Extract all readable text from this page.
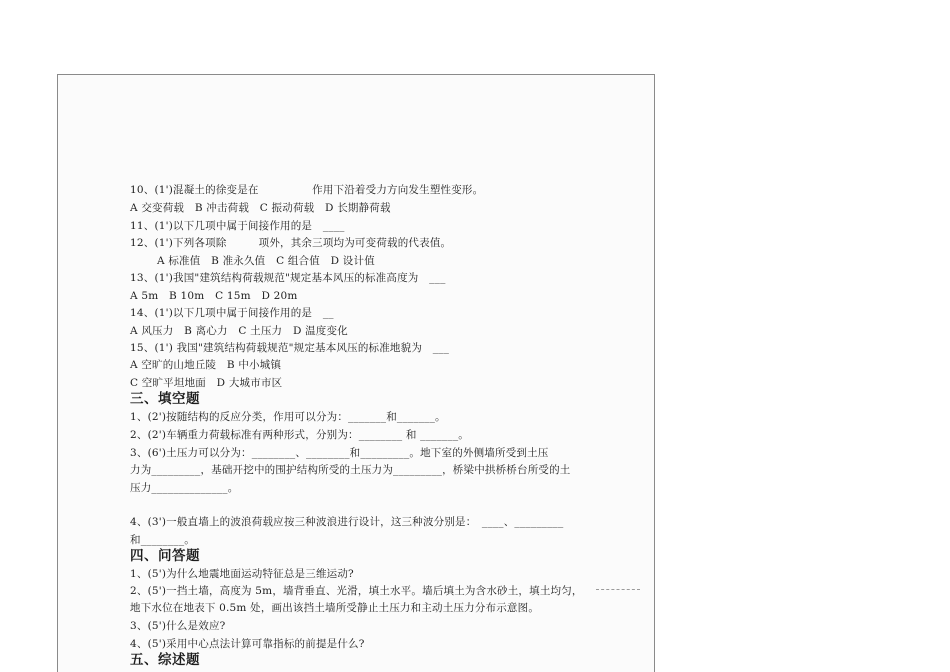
10、(1')混凝土的徐变是在　　　　　作用下沿着受力方向发生塑性变形。
A 交变荷载　B 冲击荷载　C 振动荷载　D 长期静荷载
11、(1')以下几项中属于间接作用的是　____
12、(1')下列各项除　　　项外，其余三项均为可变荷载的代表值。
A 标准值　B 准永久值　C 组合值　D 设计值
13、(1')我国"建筑结构荷载规范"规定基本风压的标准高度为　___
A 5m　B 10m　C 15m　D 20m
14、(1')以下几项中属于间接作用的是　__
A 风压力　B 离心力　C 土压力　D 温度变化
15、(1') 我国"建筑结构荷载规范"规定基本风压的标准地貌为　___
A 空旷的山地丘陵　B 中小城镇
C 空旷平坦地面　D 大城市市区
三、填空题
1、(2')按随结构的反应分类，作用可以分为：_______和_______。
2、(2')车辆重力荷载标准有两种形式，分别为：________ 和 _______。
3、(6')土压力可以分为：________、________和_________。地下室的外侧墙所受到土压
力为_________，基础开挖中的围护结构所受的土压力为_________，桥梁中拱桥桥台所受的土
压力______________。
4、(3')一般直墙上的波浪荷载应按三种波浪进行设计，这三种波分别是：　____、_________
和________。
四、问答题
1、(5')为什么地震地面运动特征总是三维运动?
2、(5')一挡土墙，高度为 5m，墙背垂直、光滑，填土水平。墙后填土为含水砂土，填土均匀，
地下水位在地表下 0.5m 处，画出该挡土墙所受静止土压力和主动土压力分布示意图。
3、(5')什么是效应?
4、(5')采用中心点法计算可靠指标的前提是什么?
五、综述题
